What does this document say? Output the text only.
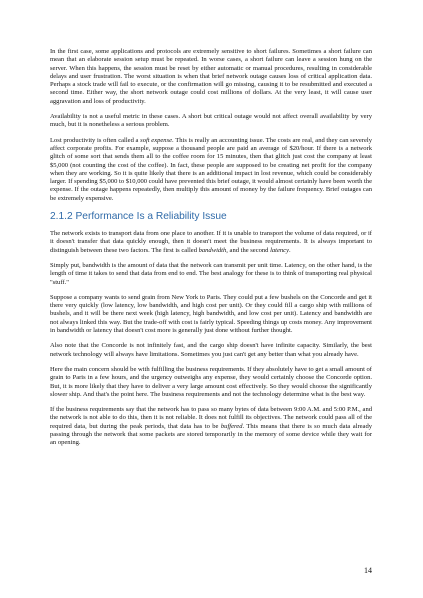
In the first case, some applications and protocols are extremely sensitive to short failures. Sometimes a short failure can mean that an elaborate session setup must be repeated. In worse cases, a short failure can leave a session hung on the server. When this happens, the session must be reset by either automatic or manual procedures, resulting in considerable delays and user frustration. The worst situation is when that brief network outage causes loss of critical application data. Perhaps a stock trade will fail to execute, or the confirmation will go missing, causing it to be resubmitted and executed a second time. Either way, the short network outage could cost millions of dollars. At the very least, it will cause user aggravation and loss of productivity.

Availability is not a useful metric in these cases. A short but critical outage would not affect overall availability by very much, but it is nonetheless a serious problem.

Lost productivity is often called a soft expense. This is really an accounting issue. The costs are real, and they can severely affect corporate profits. For example, suppose a thousand people are paid an average of $20/hour. If there is a network glitch of some sort that sends them all to the coffee room for 15 minutes, then that glitch just cost the company at least $5,000 (not counting the cost of the coffee). In fact, these people are supposed to be creating net profit for the company when they are working. So it is quite likely that there is an additional impact in lost revenue, which could be considerably larger. If spending $5,000 to $10,000 could have prevented this brief outage, it would almost certainly have been worth the expense. If the outage happens repeatedly, then multiply this amount of money by the failure frequency. Brief outages can be extremely expensive.

2.1.2 Performance Is a Reliability Issue

The network exists to transport data from one place to another. If it is unable to transport the volume of data required, or if it doesn't transfer that data quickly enough, then it doesn't meet the business requirements. It is always important to distinguish between these two factors. The first is called bandwidth, and the second latency.

Simply put, bandwidth is the amount of data that the network can transmit per unit time. Latency, on the other hand, is the length of time it takes to send that data from end to end. The best analogy for these is to think of transporting real physical "stuff."

Suppose a company wants to send grain from New York to Paris. They could put a few bushels on the Concorde and get it there very quickly (low latency, low bandwidth, and high cost per unit). Or they could fill a cargo ship with millions of bushels, and it will be there next week (high latency, high bandwidth, and low cost per unit). Latency and bandwidth are not always linked this way. But the trade-off with cost is fairly typical. Speeding things up costs money. Any improvement in bandwidth or latency that doesn't cost more is generally just done without further thought.

Also note that the Concorde is not infinitely fast, and the cargo ship doesn't have infinite capacity. Similarly, the best network technology will always have limitations. Sometimes you just can't get any better than what you already have.

Here the main concern should be with fulfilling the business requirements. If they absolutely have to get a small amount of grain to Paris in a few hours, and the urgency outweighs any expense, they would certainly choose the Concorde option. But, it is more likely that they have to deliver a very large amount cost effectively. So they would choose the significantly slower ship. And that's the point here. The business requirements and not the technology determine what is the best way.

If the business requirements say that the network has to pass so many bytes of data between 9:00 A.M. and 5:00 P.M., and the network is not able to do this, then it is not reliable. It does not fulfill its objectives. The network could pass all of the required data, but during the peak periods, that data has to be buffered. This means that there is so much data already passing through the network that some packets are stored temporarily in the memory of some device while they wait for an opening.

14
